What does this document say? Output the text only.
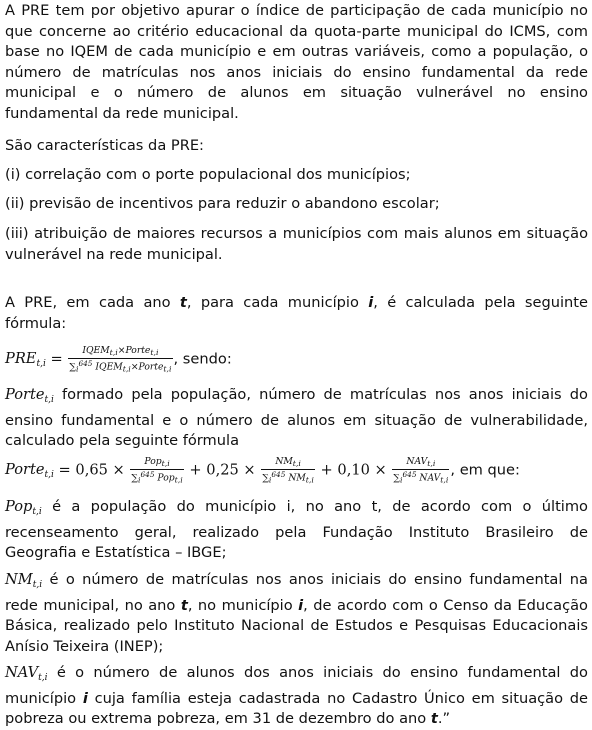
A PRE tem por objetivo apurar o índice de participação de cada município no

que concerne ao critério educacional da quota-parte municipal do ICMS, com

base no IQEM de cada município e em outras variáveis, como a população, o

número de matrículas nos anos iniciais do ensino fundamental da rede

municipal e o número de alunos em situação vulnerável no ensino

fundamental da rede municipal.

São características da PRE:

(i) correlação com o porte populacional dos municípios;

(ii) previsão de incentivos para reduzir o abandono escolar;

(iii) atribuição de maiores recursos a municípios com mais alunos em situação

vulnerável na rede municipal.

A PRE, em cada ano t, para cada município i, é calculada pela seguinte

fórmula:

$PRE_{t,i} = \frac{\text{IQEMt,i×Portet,i}}{\sum i^{645} IQEMt,i\times Portet,i}$ , sendo:

Porte$_{t,i}$ formado pela população, número de matrículas nos anos iniciais do

ensino fundamental e o número de alunos em situação de vulnerabilidade,

calculado pela seguinte fórmula

Porte$_{t,i}$ = $0,65 \times \frac{\text{Popt,i}}{\sum i^{645} Popt,i} + 0,25 \times \frac{\text{NMt,i}}{\sum i^{645} NMt,i} + 0,10 \times \frac{\text{NAVt,i}}{\sum i^{645} NAVt,i}$ , em que:

Pop$_{t,i}$ é a população do município i, no ano t, de acordo com o último

recenseamento geral, realizado pela Fundação Instituto Brasileiro de

Geografia e Estatística – IBGE;

$NM_{t,i}$ é o número de matrículas nos anos iniciais do ensino fundamental na

rede municipal, no ano t, no município i, de acordo com o Censo da Educação

Básica, realizado pelo Instituto Nacional de Estudos e Pesquisas Educacionais

Anísio Teixeira (INEP);

$NAV_{t,i}$ é o número de alunos dos anos iniciais do ensino fundamental do

município i cuja família esteja cadastrada no Cadastro Único em situação de

pobreza ou extrema pobreza, em 31 de dezembro do ano t.”
